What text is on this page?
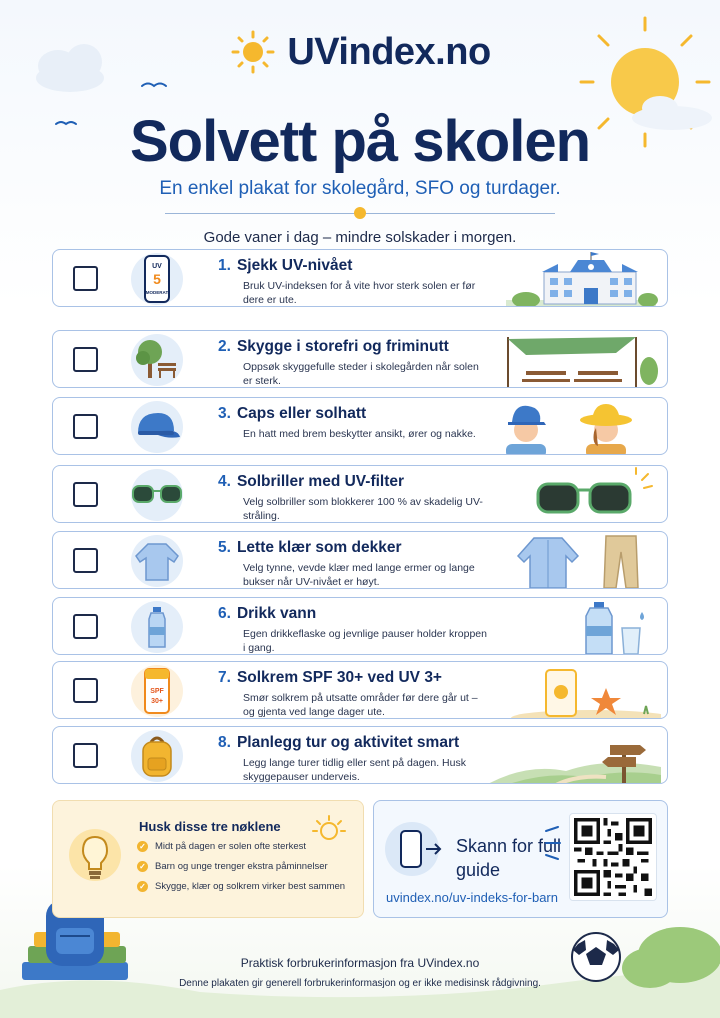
UVindex.no
Solvett på skolen
En enkel plakat for skolegård, SFO og turdager.
Gode vaner i dag – mindre solskader i morgen.
UV
5
MODERAT
1. Sjekk UV-nivået
Bruk UV-indeksen for å vite hvor sterk solen er før dere er ute.
2. Skygge i storefri og friminutt
Oppsøk skyggefulle steder i skolegården når solen er sterk.
3. Caps eller solhatt
En hatt med brem beskytter ansikt, ører og nakke.
4. Solbriller med UV-filter
Velg solbriller som blokkerer 100 % av skadelig UV-stråling.
5. Lette klær som dekker
Velg tynne, vevde klær med lange ermer og lange bukser når UV-nivået er høyt.
6. Drikk vann
Egen drikkeflaske og jevnlige pauser holder kroppen i gang.
SPF
30+
7. Solkrem SPF 30+ ved UV 3+
Smør solkrem på utsatte områder før dere går ut – og gjenta ved lange dager ute.
8. Planlegg tur og aktivitet smart
Legg lange turer tidlig eller sent på dagen. Husk skyggepauser underveis.
Husk disse tre nøklene
✓ Midt på dagen er solen ofte sterkest
✓ Barn og unge trenger ekstra påminnelser
✓ Skygge, klær og solkrem virker best sammen
Skann for full guide
uvindex.no/uv-indeks-for-barn
Praktisk forbrukerinformasjon fra UVindex.no
Denne plakaten gir generell forbrukerinformasjon og er ikke medisinsk rådgivning.
